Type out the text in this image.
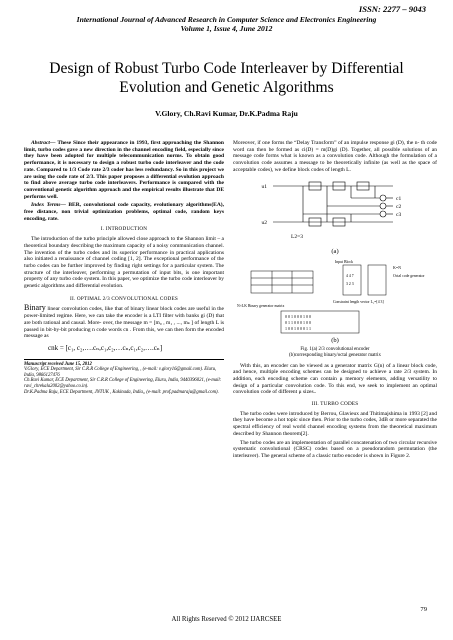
ISSN: 2277 – 9043
International Journal of Advanced Research in Computer Science and Electronics Engineering
Volume 1, Issue 4, June 2012
Design of Robust Turbo Code Interleaver by Differential Evolution and Genetic Algorithms
V.Glory, Ch.Ravi Kumar, Dr.K.Padma Raju

Abstract— These Since their appearance in 1993, first approaching the Shannon limit, turbo codes gave a new direction in the channel encoding field, especially since they have been adopted for multiple telecommunication norms. To obtain good performance, it is necessary to design a robust turbo code interleaver and the code rate. Compared to 1/3 Code rate 2/3 coder has less redundancy. So in this project we are using the code rate of 2/3. This paper proposes a differential evolution approach to find above average turbo code interleavers. Performance is compared with the conventional genetic algorithm approach and the empirical results illustrate that DE performs well.

Index Terms— BER, convolutional code capacity, evolutionary algorithms(EA), free distance, non trivial optimization problems, optimal code, random keys encoding, rate.

I. INTRODUCTION

The introduction of the turbo principle allowed close approach to the Shannon limit – a theoretical boundary describing the maximum capacity of a noisy communication channel. The invention of the turbo codes and its superior performance in practical applications also initiated a renaissance of channel coding [1, 2]. The exceptional performance of the turbo codes can be further improved by finding right settings for a particular system. The structure of the interleaver, performing a permutation of input bits, is one important property of any turbo code system. In this paper, we optimize the turbo code interleaver by genetic algorithms and differential evolution.

II. OPTIMAL 2/3 CONVOLUTIONAL CODES

Binary linear convolution codes, like that of binary linear block codes are useful in the power-limited regime. Here, we can take the encoder is a LTI filter with banks gi (D) that are both rational and causal. More- over, the message m = [m₀ , m₁ , ..., mₖ ] of length L is passed in bit-by-bit producing n code words cn . From this, we can then form the encoded message as

cnk = [c₁, c₂,….cₙ,c₁,c₂,…cₙ,c₁,c₂,….cₙ]
Manuscript received June 15, 2012
V.Glory, ECE Department, Sir C.R.R College of Engineering, , (e-mail: v.glory16@gmail.com). Eluru, India, 9866127476
Ch.Ravi Kumar, ECE Department, Sir C.R.R College of Engineering, Eluru, India, 9440396021, (e-mail: ravi_chrekala2002@yahoo.co.in).
Dr.K.Padma Raju, ECE Department, JNTUK , Kakinada, India,, (e-mail: prof.padmaraju@gmail.com).

Moreover, if one forms the “Delay Transform” of an impulse response gi (D), the n- th code word can then be formed as ci(D) = m(D)gi (D). Together, all possible solutions of an message code forms what is known as a convolution code. Although the formulation of a convolution code assumes a message to be theoretically infinite (as well as the space of acceptable codes), we define block codes of length L.

u1
u2
c1
c2
c3
L2=3
(a)
Input Block
K=N
Octal code generator
4 4 7
3 2 3
Constraint length vector L₂=[4 3]
N×LK Binary generator matrix
0 0 1 0 0 0 1 0 0
0 1 1 0 0 0 1 0 0
1 0 0 1 0 0 0 1 1
(b)
Fig. 1(a) 2/3 convolutional encoder
(b)corresponding binary/octal generator matrix

With this, an encoder can be viewed as a generator matrix G(n) of a linear block code, and hence, multiple encoding schemes can be designed to achieve a rate 2/3 system. In addition, each encoding scheme can contain μ memory elements, adding versatility to design of a particular convolution code. To this end, we seek to implement an optimal convolution code of different μ sizes..

III. TURBO CODES

The turbo codes were introduced by Berrou, Glavieux and Thitimajshima in 1993 [2] and they have become a hot topic since then. Prior to the turbo codes, 3dB or more separated the spectral efficiency of real world channel encoding systems from the theoretical maximum described by Shannon theorem[2].

The turbo codes are an implementation of parallel concatenation of two circular recursive systematic convolutional (CRSC) codes based on a pseudorandom permutation (the interleaver). The general scheme of a classic turbo encoder is shown in Figure 2.

79
All Rights Reserved © 2012 IJARCSEE
